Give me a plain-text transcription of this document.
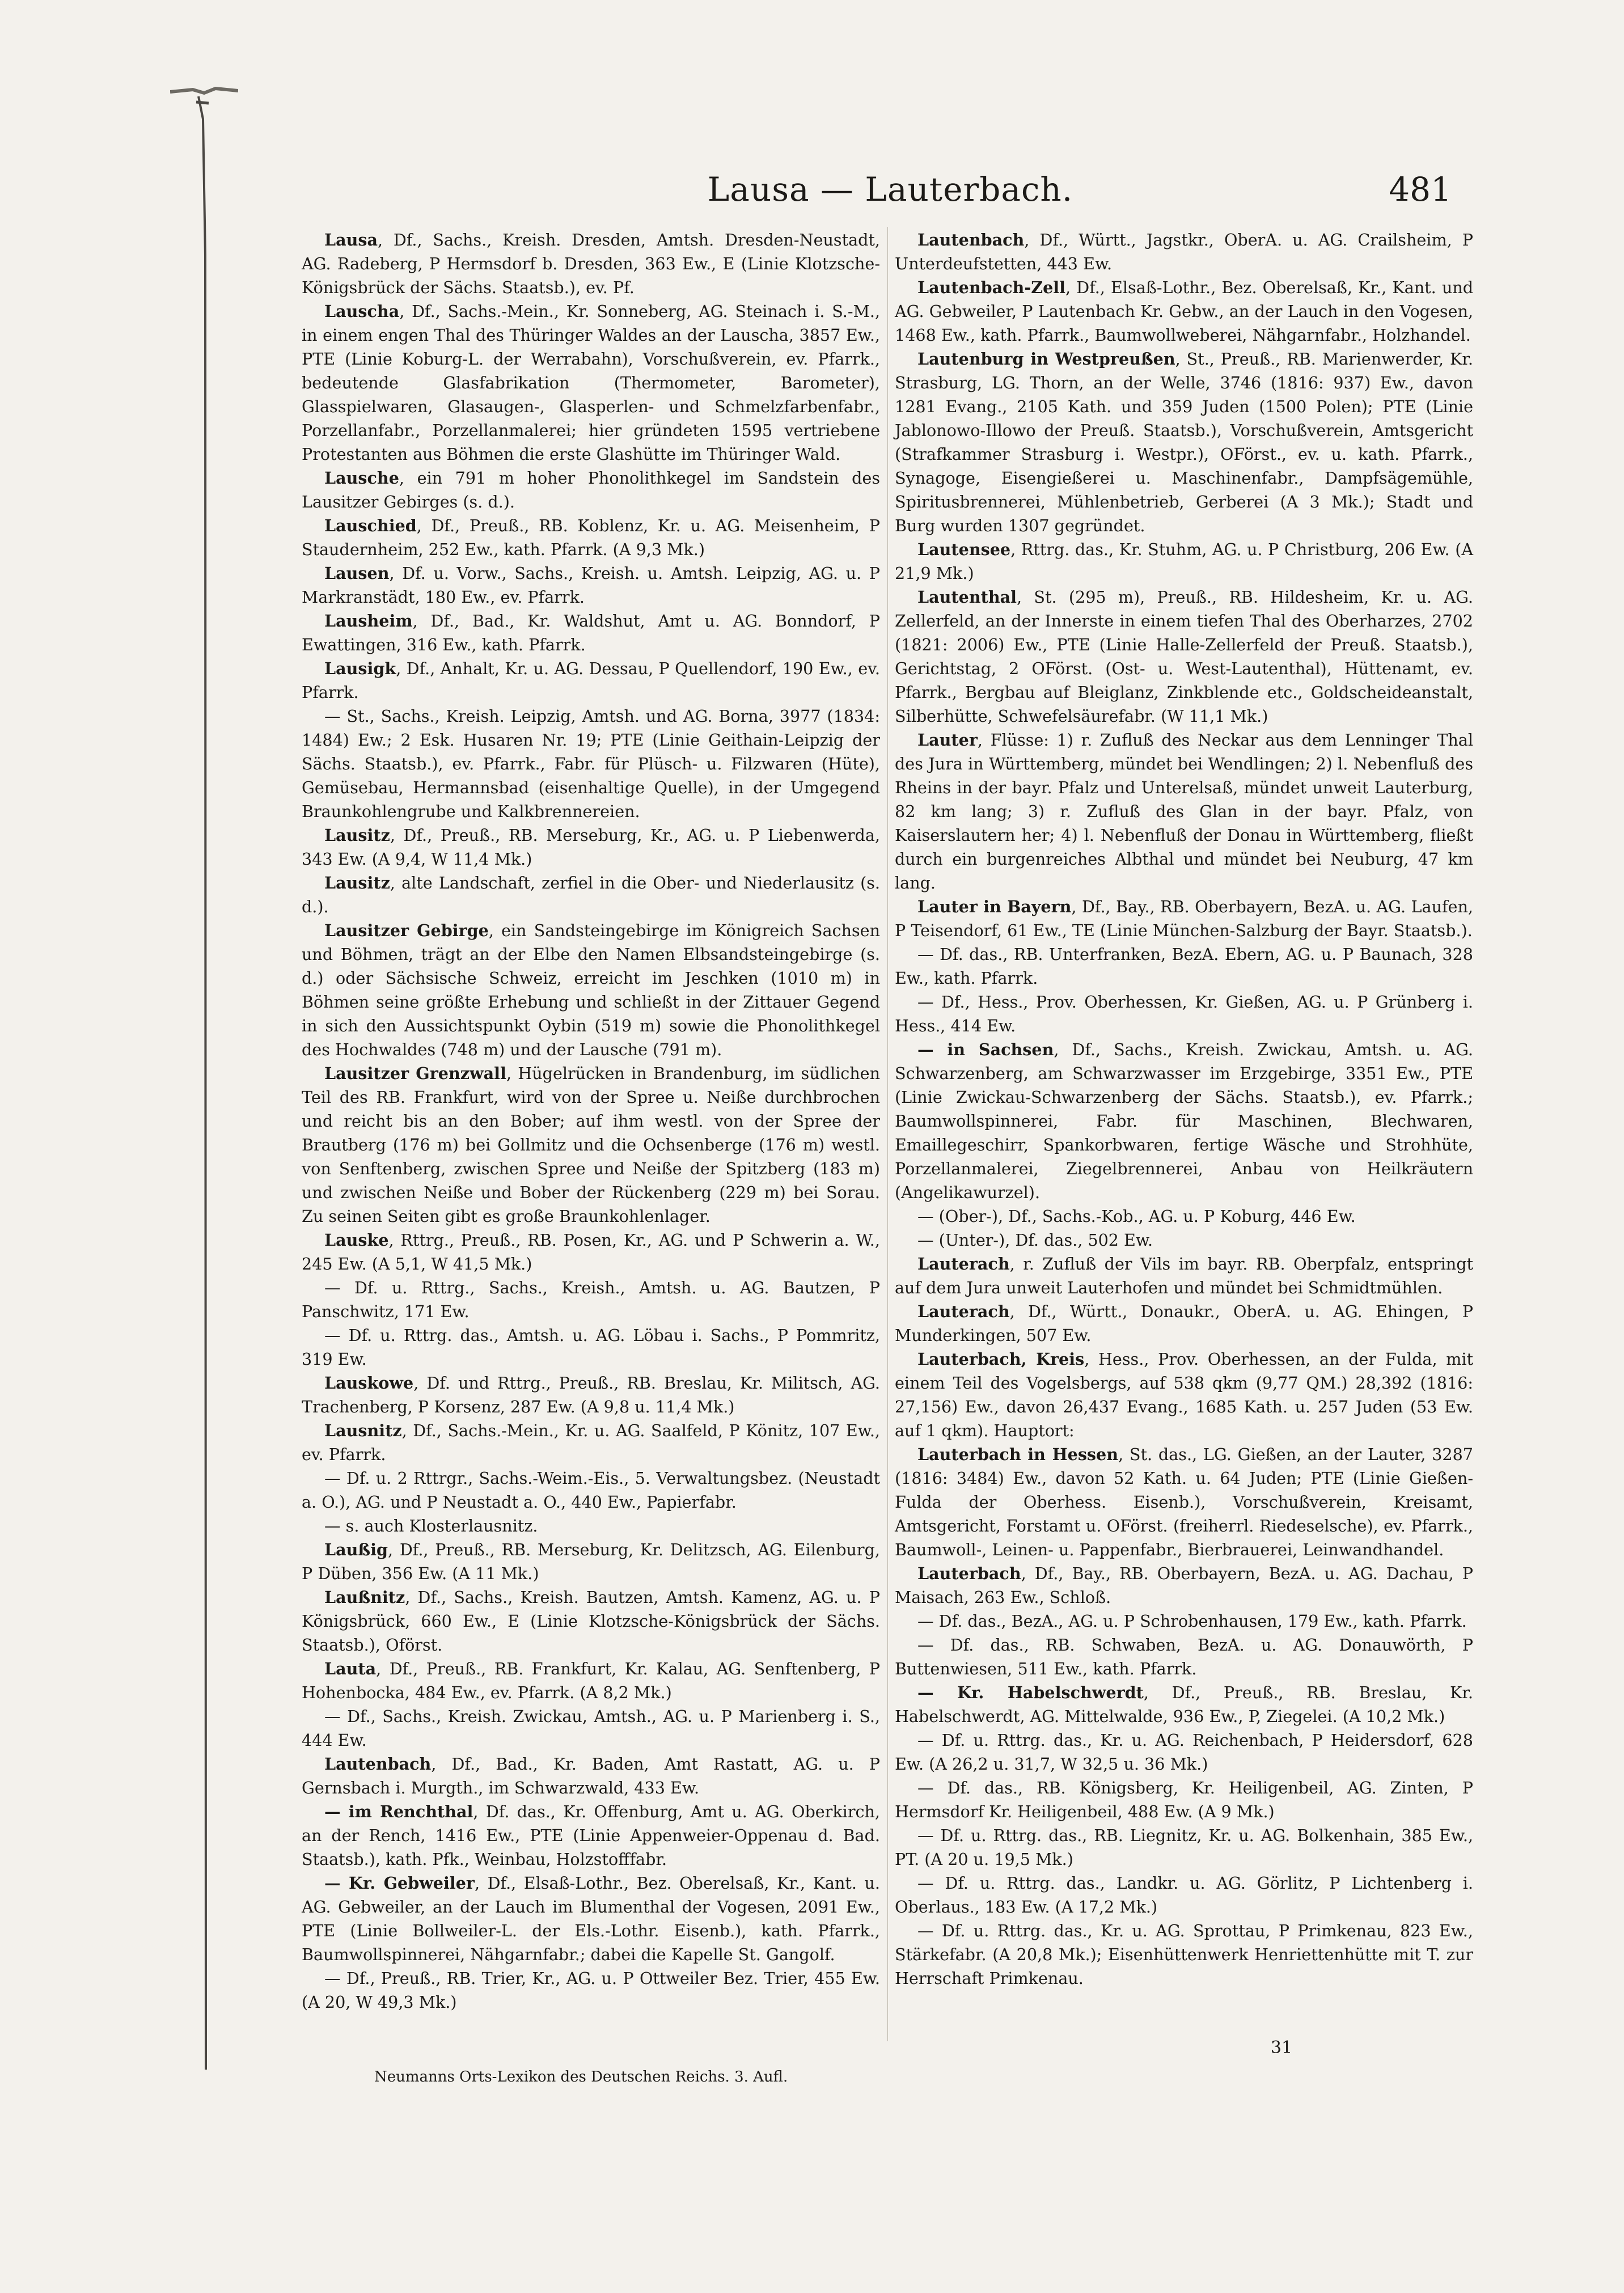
Lausa — Lauterbach.	481

Lausa, Df., Sachs., Kreish. Dresden, Amtsh. Dresden-Neustadt, AG. Radeberg, P Hermsdorf b. Dresden, 363 Ew., E (Linie Klotzsche-Königsbrück der Sächs. Staatsb.), ev. Pf.

Lauscha, Df., Sachs.-Mein., Kr. Sonneberg, AG. Steinach i. S.-M., in einem engen Thal des Thüringer Waldes an der Lauscha, 3857 Ew., PTE (Linie Koburg-L. der Werrabahn), Vorschußverein, ev. Pfarrk., bedeutende Glasfabrikation (Thermometer, Barometer), Glasspielwaren, Glasaugen-, Glasperlen- und Schmelzfarbenfabr., Porzellanfabr., Porzellanmalerei; hier gründeten 1595 vertriebene Protestanten aus Böhmen die erste Glashütte im Thüringer Wald.

Lausche, ein 791 m hoher Phonolithkegel im Sandstein des Lausitzer Gebirges (s. d.).

Lauschied, Df., Preuß., RB. Koblenz, Kr. u. AG. Meisenheim, P Staudernheim, 252 Ew., kath. Pfarrk. (A 9,3 Mk.)

Lausen, Df. u. Vorw., Sachs., Kreish. u. Amtsh. Leipzig, AG. u. P Markranstädt, 180 Ew., ev. Pfarrk.

Lausheim, Df., Bad., Kr. Waldshut, Amt u. AG. Bonndorf, P Ewattingen, 316 Ew., kath. Pfarrk.

Lausigk, Df., Anhalt, Kr. u. AG. Dessau, P Quellendorf, 190 Ew., ev. Pfarrk.

— St., Sachs., Kreish. Leipzig, Amtsh. und AG. Borna, 3977 (1834: 1484) Ew.; 2 Esk. Husaren Nr. 19; PTE (Linie Geithain-Leipzig der Sächs. Staatsb.), ev. Pfarrk., Fabr. für Plüsch- u. Filzwaren (Hüte), Gemüsebau, Hermannsbad (eisenhaltige Quelle), in der Umgegend Braunkohlengrube und Kalkbrennereien.

Lausitz, Df., Preuß., RB. Merseburg, Kr., AG. u. P Liebenwerda, 343 Ew. (A 9,4, W 11,4 Mk.)

Lausitz, alte Landschaft, zerfiel in die Ober- und Niederlausitz (s. d.).

Lausitzer Gebirge, ein Sandsteingebirge im Königreich Sachsen und Böhmen, trägt an der Elbe den Namen Elbsandsteingebirge (s. d.) oder Sächsische Schweiz, erreicht im Jeschken (1010 m) in Böhmen seine größte Erhebung und schließt in der Zittauer Gegend in sich den Aussichtspunkt Oybin (519 m) sowie die Phonolithkegel des Hochwaldes (748 m) und der Lausche (791 m).

Lausitzer Grenzwall, Hügelrücken in Brandenburg, im südlichen Teil des RB. Frankfurt, wird von der Spree u. Neiße durchbrochen und reicht bis an den Bober; auf ihm westl. von der Spree der Brautberg (176 m) bei Gollmitz und die Ochsenberge (176 m) westl. von Senftenberg, zwischen Spree und Neiße der Spitzberg (183 m) und zwischen Neiße und Bober der Rückenberg (229 m) bei Sorau. Zu seinen Seiten gibt es große Braunkohlenlager.

Lauske, Rttrg., Preuß., RB. Posen, Kr., AG. und P Schwerin a. W., 245 Ew. (A 5,1, W 41,5 Mk.)

— Df. u. Rttrg., Sachs., Kreish., Amtsh. u. AG. Bautzen, P Panschwitz, 171 Ew.

— Df. u. Rttrg. das., Amtsh. u. AG. Löbau i. Sachs., P Pommritz, 319 Ew.

Lauskowe, Df. und Rttrg., Preuß., RB. Breslau, Kr. Militsch, AG. Trachenberg, P Korsenz, 287 Ew. (A 9,8 u. 11,4 Mk.)

Lausnitz, Df., Sachs.-Mein., Kr. u. AG. Saalfeld, P Könitz, 107 Ew., ev. Pfarrk.

— Df. u. 2 Rttrgr., Sachs.-Weim.-Eis., 5. Verwaltungsbez. (Neustadt a. O.), AG. und P Neustadt a. O., 440 Ew., Papierfabr.

— s. auch Klosterlausnitz.

Laußig, Df., Preuß., RB. Merseburg, Kr. Delitzsch, AG. Eilenburg, P Düben, 356 Ew. (A 11 Mk.)

Laußnitz, Df., Sachs., Kreish. Bautzen, Amtsh. Kamenz, AG. u. P Königsbrück, 660 Ew., E (Linie Klotzsche-Königsbrück der Sächs. Staatsb.), Oförst.

Lauta, Df., Preuß., RB. Frankfurt, Kr. Kalau, AG. Senftenberg, P Hohenbocka, 484 Ew., ev. Pfarrk. (A 8,2 Mk.)

— Df., Sachs., Kreish. Zwickau, Amtsh., AG. u. P Marienberg i. S., 444 Ew.

Lautenbach, Df., Bad., Kr. Baden, Amt Rastatt, AG. u. P Gernsbach i. Murgth., im Schwarzwald, 433 Ew.

— im Renchthal, Df. das., Kr. Offenburg, Amt u. AG. Oberkirch, an der Rench, 1416 Ew., PTE (Linie Appenweier-Oppenau d. Bad. Staatsb.), kath. Pfk., Weinbau, Holzstofffabr.

— Kr. Gebweiler, Df., Elsaß-Lothr., Bez. Oberelsaß, Kr., Kant. u. AG. Gebweiler, an der Lauch im Blumenthal der Vogesen, 2091 Ew., PTE (Linie Bollweiler-L. der Els.-Lothr. Eisenb.), kath. Pfarrk., Baumwollspinnerei, Nähgarnfabr.; dabei die Kapelle St. Gangolf.

— Df., Preuß., RB. Trier, Kr., AG. u. P Ottweiler Bez. Trier, 455 Ew. (A 20, W 49,3 Mk.)

Lautenbach, Df., Württ., Jagstkr., OberA. u. AG. Crailsheim, P Unterdeufstetten, 443 Ew.

Lautenbach-Zell, Df., Elsaß-Lothr., Bez. Oberelsaß, Kr., Kant. und AG. Gebweiler, P Lautenbach Kr. Gebw., an der Lauch in den Vogesen, 1468 Ew., kath. Pfarrk., Baumwollweberei, Nähgarnfabr., Holzhandel.

Lautenburg in Westpreußen, St., Preuß., RB. Marienwerder, Kr. Strasburg, LG. Thorn, an der Welle, 3746 (1816: 937) Ew., davon 1281 Evang., 2105 Kath. und 359 Juden (1500 Polen); PTE (Linie Jablonowo-Illowo der Preuß. Staatsb.), Vorschußverein, Amtsgericht (Strafkammer Strasburg i. Westpr.), OFörst., ev. u. kath. Pfarrk., Synagoge, Eisengießerei u. Maschinenfabr., Dampfsägemühle, Spiritusbrennerei, Mühlenbetrieb, Gerberei (A 3 Mk.); Stadt und Burg wurden 1307 gegründet.

Lautensee, Rttrg. das., Kr. Stuhm, AG. u. P Christburg, 206 Ew. (A 21,9 Mk.)

Lautenthal, St. (295 m), Preuß., RB. Hildesheim, Kr. u. AG. Zellerfeld, an der Innerste in einem tiefen Thal des Oberharzes, 2702 (1821: 2006) Ew., PTE (Linie Halle-Zellerfeld der Preuß. Staatsb.), Gerichtstag, 2 OFörst. (Ost- u. West-Lautenthal), Hüttenamt, ev. Pfarrk., Bergbau auf Bleiglanz, Zinkblende etc., Goldscheideanstalt, Silberhütte, Schwefelsäurefabr. (W 11,1 Mk.)

Lauter, Flüsse: 1) r. Zufluß des Neckar aus dem Lenninger Thal des Jura in Württemberg, mündet bei Wendlingen; 2) l. Nebenfluß des Rheins in der bayr. Pfalz und Unterelsaß, mündet unweit Lauterburg, 82 km lang; 3) r. Zufluß des Glan in der bayr. Pfalz, von Kaiserslautern her; 4) l. Nebenfluß der Donau in Württemberg, fließt durch ein burgenreiches Albthal und mündet bei Neuburg, 47 km lang.

Lauter in Bayern, Df., Bay., RB. Oberbayern, BezA. u. AG. Laufen, P Teisendorf, 61 Ew., TE (Linie München-Salzburg der Bayr. Staatsb.).

— Df. das., RB. Unterfranken, BezA. Ebern, AG. u. P Baunach, 328 Ew., kath. Pfarrk.

— Df., Hess., Prov. Oberhessen, Kr. Gießen, AG. u. P Grünberg i. Hess., 414 Ew.

— in Sachsen, Df., Sachs., Kreish. Zwickau, Amtsh. u. AG. Schwarzenberg, am Schwarzwasser im Erzgebirge, 3351 Ew., PTE (Linie Zwickau-Schwarzenberg der Sächs. Staatsb.), ev. Pfarrk.; Baumwollspinnerei, Fabr. für Maschinen, Blechwaren, Emaillegeschirr, Spankorbwaren, fertige Wäsche und Strohhüte, Porzellanmalerei, Ziegelbrennerei, Anbau von Heilkräutern (Angelikawurzel).

— (Ober-), Df., Sachs.-Kob., AG. u. P Koburg, 446 Ew.

— (Unter-), Df. das., 502 Ew.

Lauterach, r. Zufluß der Vils im bayr. RB. Oberpfalz, entspringt auf dem Jura unweit Lauterhofen und mündet bei Schmidtmühlen.

Lauterach, Df., Württ., Donaukr., OberA. u. AG. Ehingen, P Munderkingen, 507 Ew.

Lauterbach, Kreis, Hess., Prov. Oberhessen, an der Fulda, mit einem Teil des Vogelsbergs, auf 538 qkm (9,77 QM.) 28,392 (1816: 27,156) Ew., davon 26,437 Evang., 1685 Kath. u. 257 Juden (53 Ew. auf 1 qkm). Hauptort:

Lauterbach in Hessen, St. das., LG. Gießen, an der Lauter, 3287 (1816: 3484) Ew., davon 52 Kath. u. 64 Juden; PTE (Linie Gießen-Fulda der Oberhess. Eisenb.), Vorschußverein, Kreisamt, Amtsgericht, Forstamt u. OFörst. (freiherrl. Riedeselsche), ev. Pfarrk., Baumwoll-, Leinen- u. Pappenfabr., Bierbrauerei, Leinwandhandel.

Lauterbach, Df., Bay., RB. Oberbayern, BezA. u. AG. Dachau, P Maisach, 263 Ew., Schloß.

— Df. das., BezA., AG. u. P Schrobenhausen, 179 Ew., kath. Pfarrk.

— Df. das., RB. Schwaben, BezA. u. AG. Donauwörth, P Buttenwiesen, 511 Ew., kath. Pfarrk.

— Kr. Habelschwerdt, Df., Preuß., RB. Breslau, Kr. Habelschwerdt, AG. Mittelwalde, 936 Ew., P, Ziegelei. (A 10,2 Mk.)

— Df. u. Rttrg. das., Kr. u. AG. Reichenbach, P Heidersdorf, 628 Ew. (A 26,2 u. 31,7, W 32,5 u. 36 Mk.)

— Df. das., RB. Königsberg, Kr. Heiligenbeil, AG. Zinten, P Hermsdorf Kr. Heiligenbeil, 488 Ew. (A 9 Mk.)

— Df. u. Rttrg. das., RB. Liegnitz, Kr. u. AG. Bolkenhain, 385 Ew., PT. (A 20 u. 19,5 Mk.)

— Df. u. Rttrg. das., Landkr. u. AG. Görlitz, P Lichtenberg i. Oberlaus., 183 Ew. (A 17,2 Mk.)

— Df. u. Rttrg. das., Kr. u. AG. Sprottau, P Primkenau, 823 Ew., Stärkefabr. (A 20,8 Mk.); Eisenhüttenwerk Henriettenhütte mit T. zur Herrschaft Primkenau.

Neumanns Orts-Lexikon des Deutschen Reichs. 3. Aufl.
31
